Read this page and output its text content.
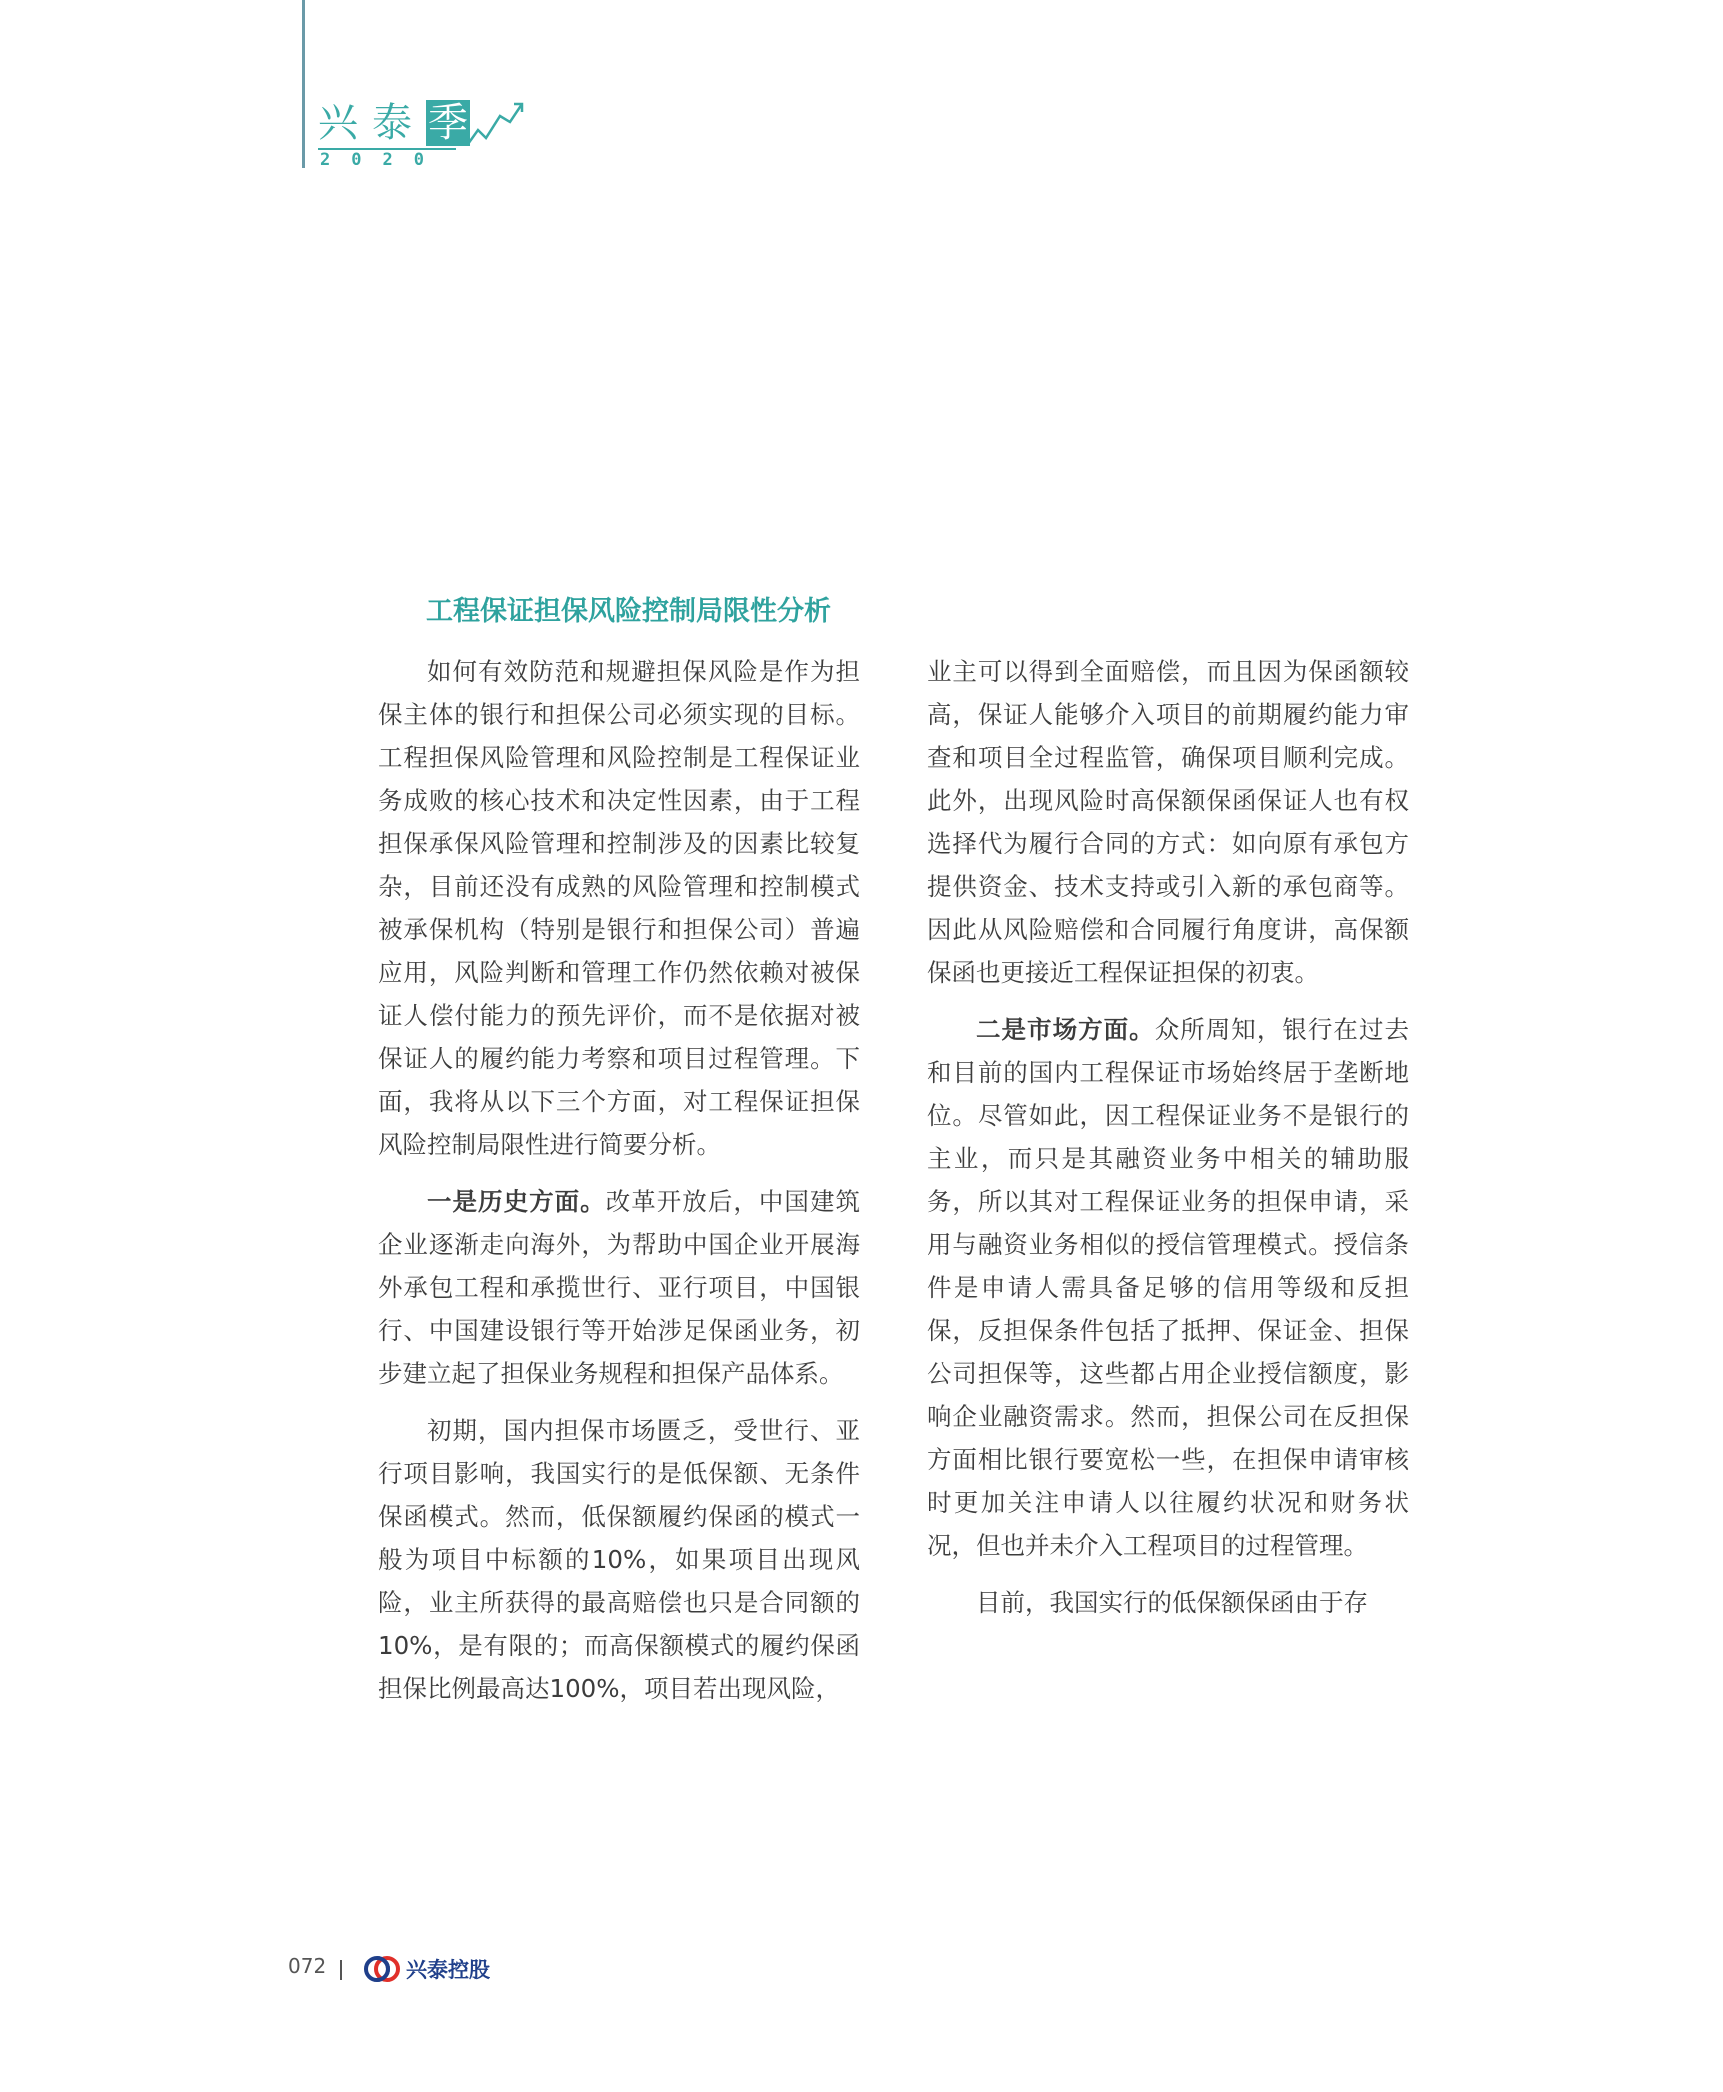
兴泰季
2020
工程保证担保风险控制局限性分析

如何有效防范和规避担保风险是作为担保主体的银行和担保公司必须实现的目标。工程担保风险管理和风险控制是工程保证业务成败的核心技术和决定性因素，由于工程担保承保风险管理和控制涉及的因素比较复杂，目前还没有成熟的风险管理和控制模式被承保机构（特别是银行和担保公司）普遍应用，风险判断和管理工作仍然依赖对被保证人偿付能力的预先评价，而不是依据对被保证人的履约能力考察和项目过程管理。下面，我将从以下三个方面，对工程保证担保风险控制局限性进行简要分析。

一是历史方面。改革开放后，中国建筑企业逐渐走向海外，为帮助中国企业开展海外承包工程和承揽世行、亚行项目，中国银行、中国建设银行等开始涉足保函业务，初步建立起了担保业务规程和担保产品体系。

初期，国内担保市场匮乏，受世行、亚行项目影响，我国实行的是低保额、无条件保函模式。然而，低保额履约保函的模式一般为项目中标额的10%，如果项目出现风险，业主所获得的最高赔偿也只是合同额的10%，是有限的；而高保额模式的履约保函担保比例最高达100%，项目若出现风险，

业主可以得到全面赔偿，而且因为保函额较高，保证人能够介入项目的前期履约能力审查和项目全过程监管，确保项目顺利完成。此外，出现风险时高保额保函保证人也有权选择代为履行合同的方式：如向原有承包方提供资金、技术支持或引入新的承包商等。因此从风险赔偿和合同履行角度讲，高保额保函也更接近工程保证担保的初衷。

二是市场方面。众所周知，银行在过去和目前的国内工程保证市场始终居于垄断地位。尽管如此，因工程保证业务不是银行的主业，而只是其融资业务中相关的辅助服务，所以其对工程保证业务的担保申请，采用与融资业务相似的授信管理模式。授信条件是申请人需具备足够的信用等级和反担保，反担保条件包括了抵押、保证金、担保公司担保等，这些都占用企业授信额度，影响企业融资需求。然而，担保公司在反担保方面相比银行要宽松一些，在担保申请审核时更加关注申请人以往履约状况和财务状况，但也并未介入工程项目的过程管理。

目前，我国实行的低保额保函由于存

072	兴泰控股
